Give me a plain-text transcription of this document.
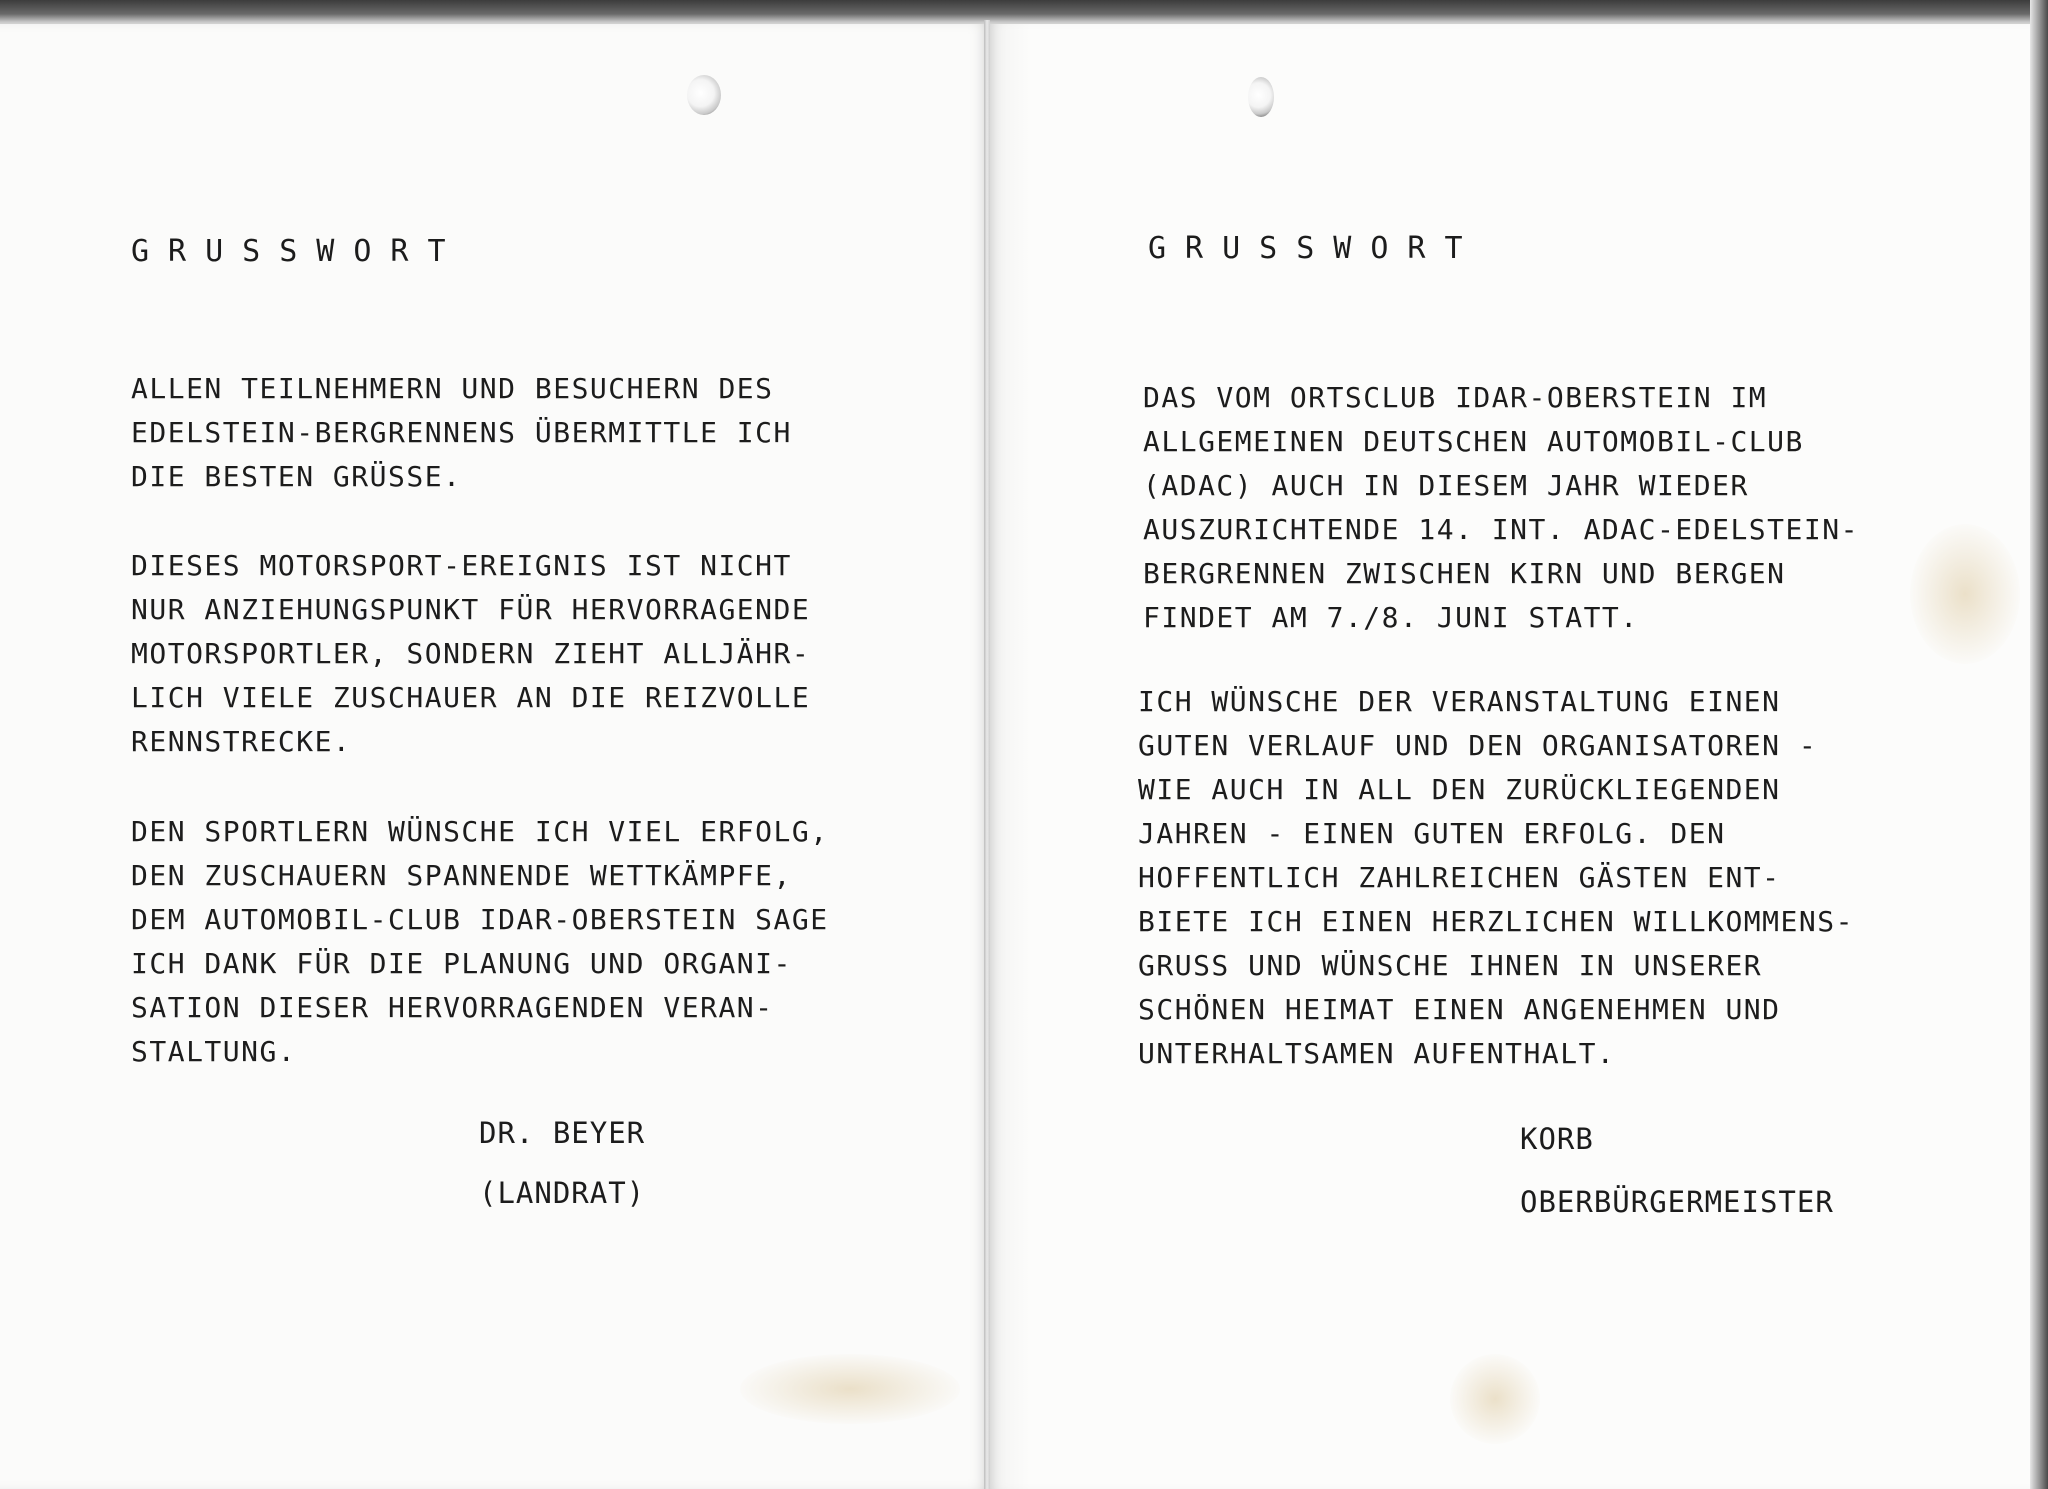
GRUSSWORT

ALLEN TEILNEHMERN UND BESUCHERN DES
EDELSTEIN-BERGRENNENS ÜBERMITTLE ICH
DIE BESTEN GRÜSSE.

DIESES MOTORSPORT-EREIGNIS IST NICHT
NUR ANZIEHUNGSPUNKT FÜR HERVORRAGENDE
MOTORSPORTLER, SONDERN ZIEHT ALLJÄHR-
LICH VIELE ZUSCHAUER AN DIE REIZVOLLE
RENNSTRECKE.

DEN SPORTLERN WÜNSCHE ICH VIEL ERFOLG,
DEN ZUSCHAUERN SPANNENDE WETTKÄMPFE,
DEM AUTOMOBIL-CLUB IDAR-OBERSTEIN SAGE
ICH DANK FÜR DIE PLANUNG UND ORGANI-
SATION DIESER HERVORRAGENDEN VERAN-
STALTUNG.

DR. BEYER

(LANDRAT)

GRUSSWORT

DAS VOM ORTSCLUB IDAR-OBERSTEIN IM
ALLGEMEINEN DEUTSCHEN AUTOMOBIL-CLUB
(ADAC) AUCH IN DIESEM JAHR WIEDER
AUSZURICHTENDE 14. INT. ADAC-EDELSTEIN-
BERGRENNEN ZWISCHEN KIRN UND BERGEN
FINDET AM 7./8. JUNI STATT.

ICH WÜNSCHE DER VERANSTALTUNG EINEN
GUTEN VERLAUF UND DEN ORGANISATOREN -
WIE AUCH IN ALL DEN ZURÜCKLIEGENDEN
JAHREN - EINEN GUTEN ERFOLG. DEN
HOFFENTLICH ZAHLREICHEN GÄSTEN ENT-
BIETE ICH EINEN HERZLICHEN WILLKOMMENS-
GRUSS UND WÜNSCHE IHNEN IN UNSERER
SCHÖNEN HEIMAT EINEN ANGENEHMEN UND
UNTERHALTSAMEN AUFENTHALT.

KORB

OBERBÜRGERMEISTER
